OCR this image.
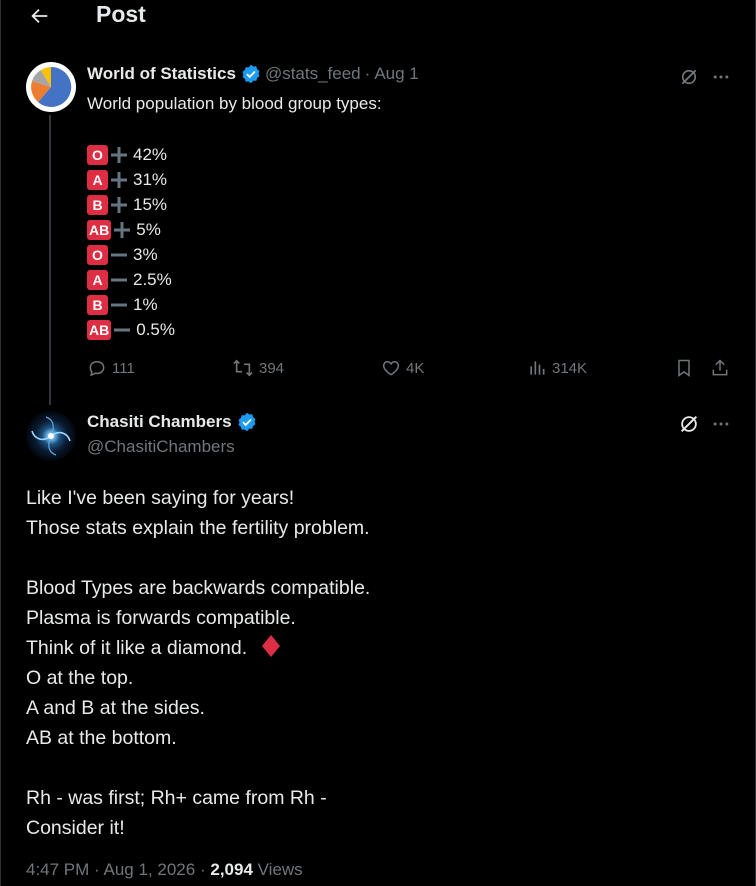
Post
World of Statistics @stats_feed · Aug 1
World population by blood group types:
O 42%
A	31%
B	15%
AB 5%
O 3%
A	2.5%
B	1%
AB 0.5%
111	394	4K	314K
Chasiti Chambers
@ChasitiChambers
Like I've been saying for years!
Those stats explain the fertility problem.
Blood Types are backwards compatible.
Plasma is forwards compatible.
Think of it like a diamond.
O at the top.
A and B at the sides.
AB at the bottom.
Rh - was first; Rh+ came from Rh -
Consider it!
4:47 PM · Aug 1, 2026 · 2,094 Views
